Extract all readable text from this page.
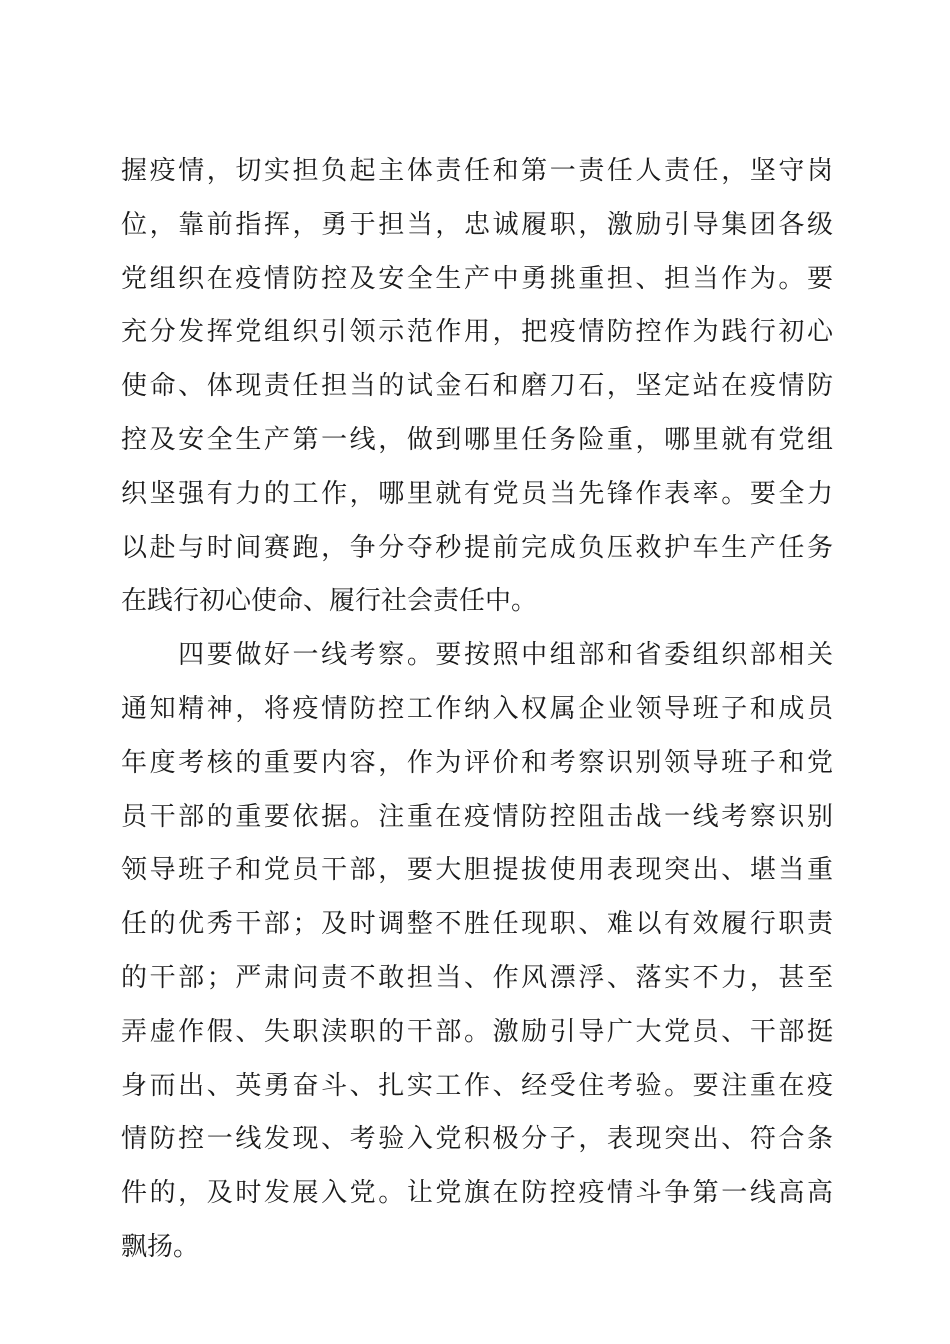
握疫情，切实担负起主体责任和第一责任人责任，坚守岗
位，靠前指挥，勇于担当，忠诚履职，激励引导集团各级
党组织在疫情防控及安全生产中勇挑重担、担当作为。要
充分发挥党组织引领示范作用，把疫情防控作为践行初心
使命、体现责任担当的试金石和磨刀石，坚定站在疫情防
控及安全生产第一线，做到哪里任务险重，哪里就有党组
织坚强有力的工作，哪里就有党员当先锋作表率。要全力
以赴与时间赛跑，争分夺秒提前完成负压救护车生产任务
在践行初心使命、履行社会责任中。
　　四要做好一线考察。要按照中组部和省委组织部相关
通知精神，将疫情防控工作纳入权属企业领导班子和成员
年度考核的重要内容，作为评价和考察识别领导班子和党
员干部的重要依据。注重在疫情防控阻击战一线考察识别
领导班子和党员干部，要大胆提拔使用表现突出、堪当重
任的优秀干部；及时调整不胜任现职、难以有效履行职责
的干部；严肃问责不敢担当、作风漂浮、落实不力，甚至
弄虚作假、失职渎职的干部。激励引导广大党员、干部挺
身而出、英勇奋斗、扎实工作、经受住考验。要注重在疫
情防控一线发现、考验入党积极分子，表现突出、符合条
件的，及时发展入党。让党旗在防控疫情斗争第一线高高
飘扬。
